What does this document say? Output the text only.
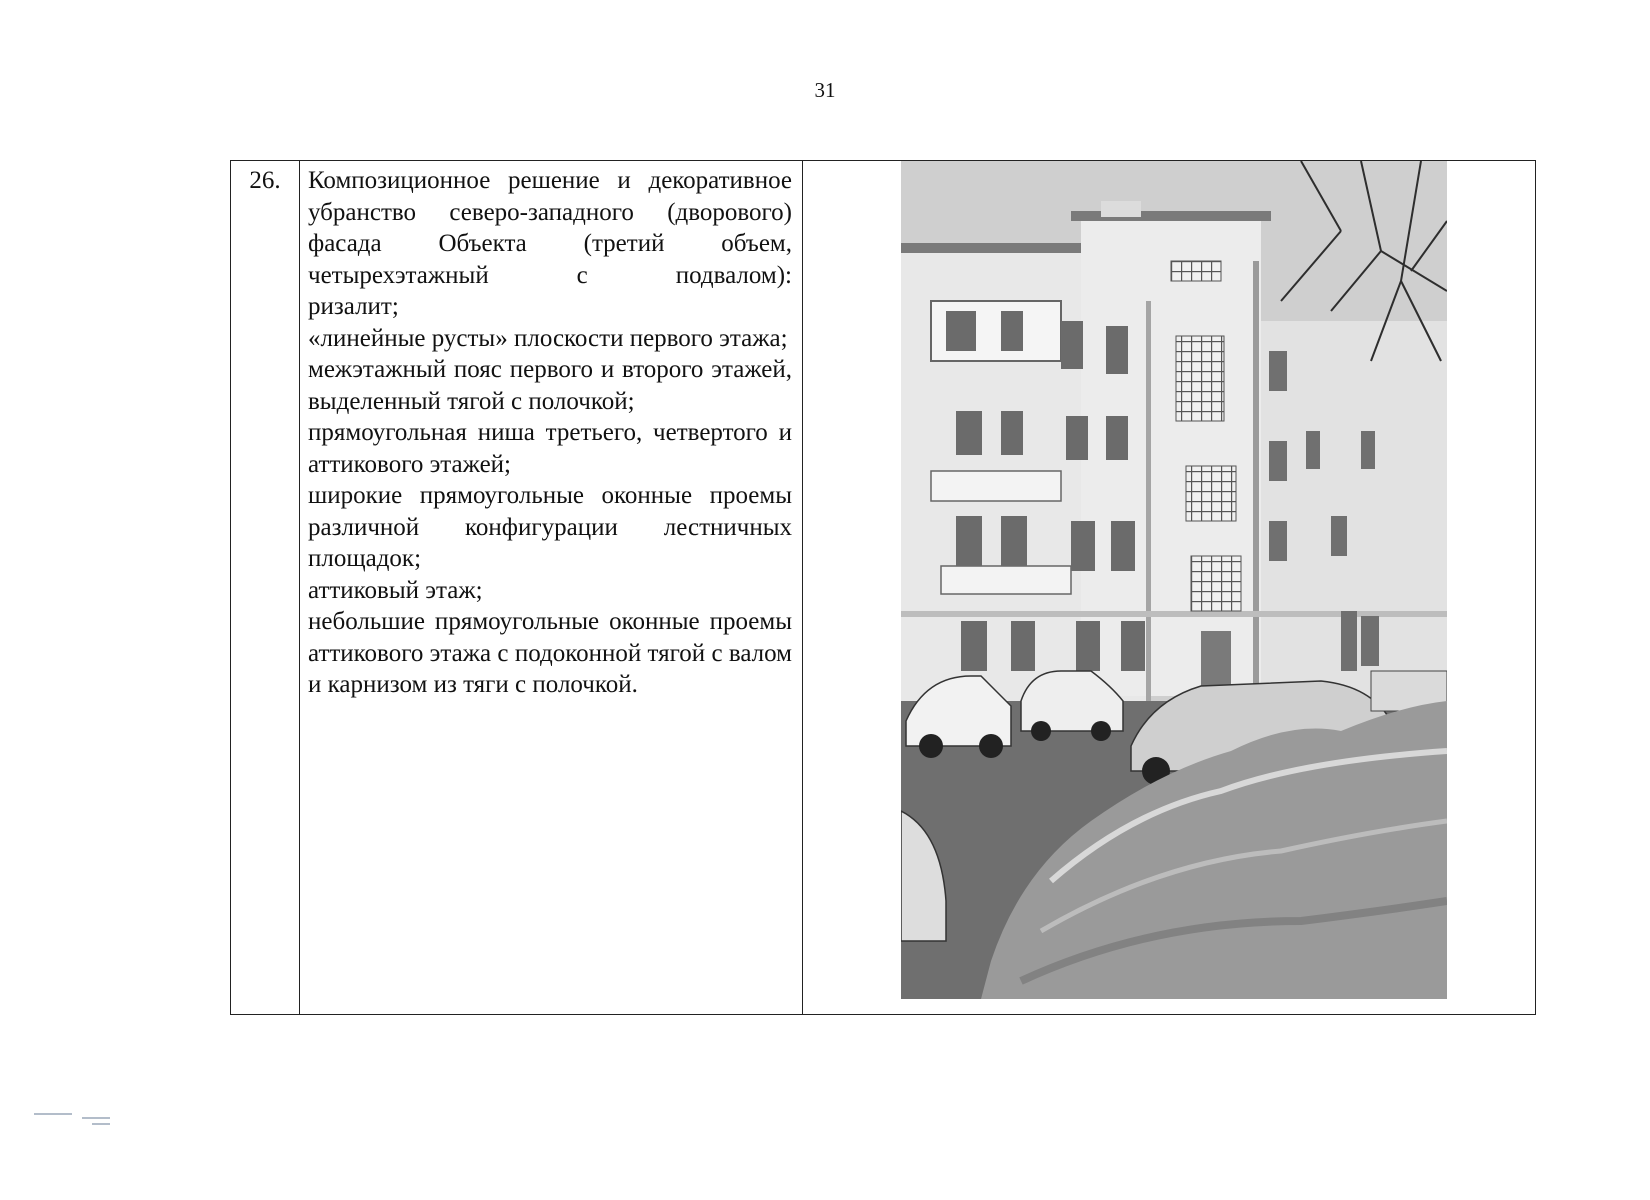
31
26.	Композиционное решение и декоративное убранство северо-западного (дворового) фасада Объекта (третий объем, четырехэтажный с подвалом):
ризалит;
«линейные русты» плоскости первого этажа;
межэтажный пояс первого и второго этажей, выделенный тягой с полочкой;
прямоугольная ниша третьего, четвертого и аттикового этажей;
широкие прямоугольные оконные проемы различной конфигурации лестничных площадок;
аттиковый этаж;
небольшие прямоугольные оконные проемы аттикового этажа с подоконной тягой с валом и карнизом из тяги с полочкой.
